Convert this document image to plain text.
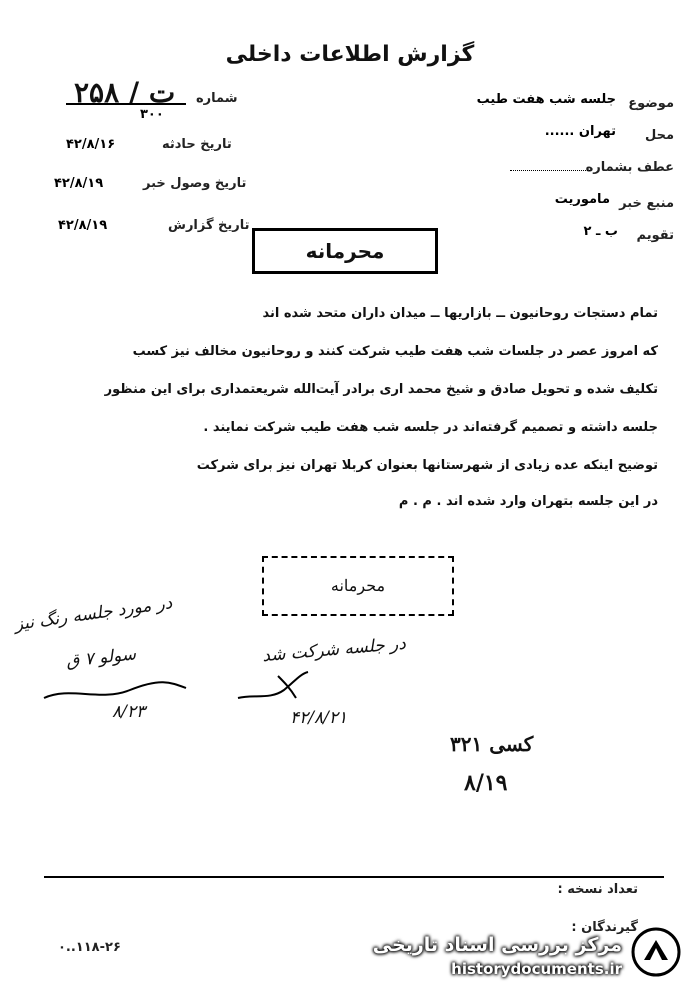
گزارش اطلاعات داخلی
شماره
۲۵۸ / ت
۳۰۰
تاریخ حادثه
۴۲/۸/۱۶
تاریخ وصول خبر
۴۲/۸/۱۹
تاریخ گزارش
۴۲/۸/۱۹
موضوع
جلسه شب هفت طیب
محل
تهران ......
عطف بشماره
منبع خبر
ماموریت
تقویم
ب ـ ۲
محرمانه
تمام دستجات روحانیون ــ بازاریها ــ میدان داران متحد شده اند
که امروز عصر در جلسات شب هفت طیب شرکت کنند و روحانیون مخالف نیز کسب
تکلیف شده و تحویل صادق و شیخ محمد اری برادر آیت‌الله شریعتمداری برای این منظور
جلسه داشته و تصمیم گرفته‌اند در جلسه شب هفت طیب شرکت نمایند .
توضیح اینکه عده زیادی از شهرستانها بعنوان کربلا تهران نیز برای شرکت
در این جلسه بتهران وارد شده اند . م . م
محرمانه
در مورد جلسه رنگ نیز
سولو ۷ ق
۸/۲۳
در جلسه شرکت شد
۴۲/۸/۲۱
کسی ۳۲۱
۸/۱۹
تعداد نسخه :
گیرندگان :
۰..۱۱۸-۲۶	مرکز بررسی اسناد تاریخی
historydocuments.ir
